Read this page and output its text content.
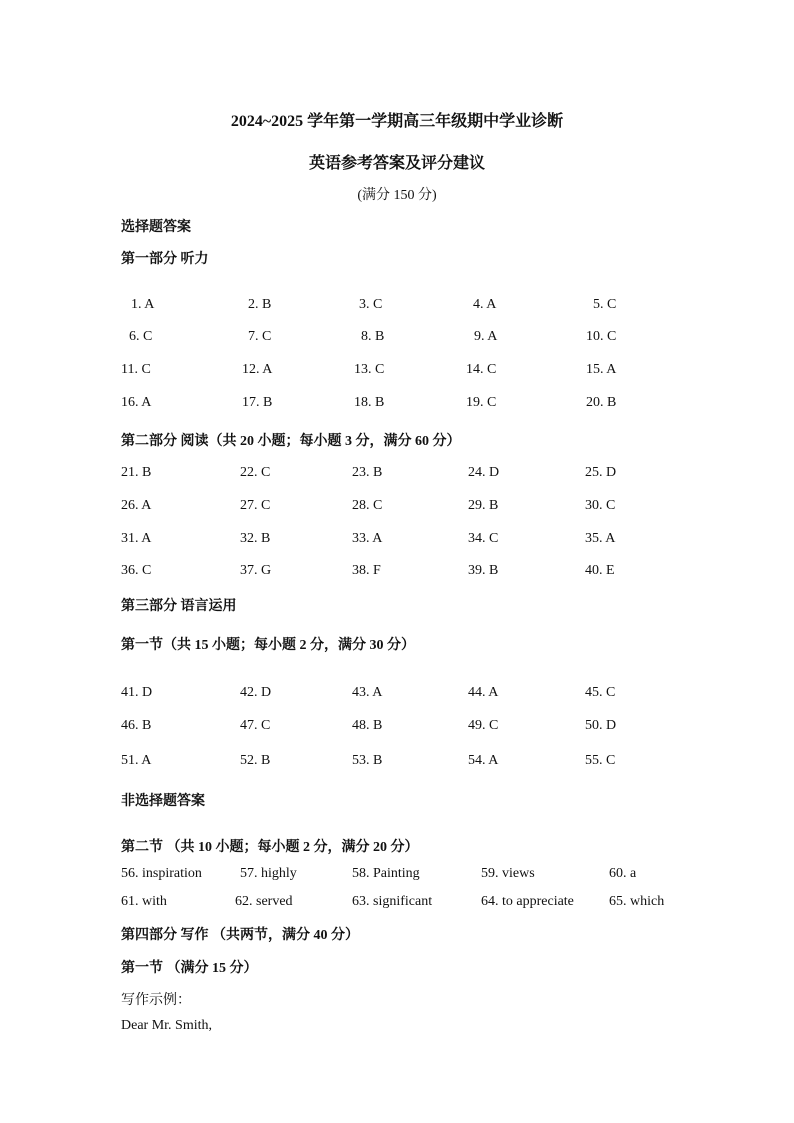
2024~2025 学年第一学期高三年级期中学业诊断
英语参考答案及评分建议
(满分 150 分)
选择题答案
第一部分 听力
1. A	2. B	3. C	4. A	5. C
6. C	7. C	8. B	9. A	10. C
11. C	12. A	13. C	14. C	15. A
16. A	17. B	18. B	19. C	20. B
第二部分 阅读（共 20 小题；每小题 3 分，满分 60 分）
21. B	22. C	23. B	24. D	25. D
26. A	27. C	28. C	29. B	30. C
31. A	32. B	33. A	34. C	35. A
36. C	37. G	38. F	39. B	40. E
第三部分 语言运用
第一节（共 15 小题；每小题 2 分，满分 30 分）
41. D	42. D	43. A	44. A	45. C
46. B	47. C	48. B	49. C	50. D
51. A	52. B	53. B	54. A	55. C
非选择题答案
第二节 （共 10 小题；每小题 2 分，满分 20 分）
56. inspiration	57. highly	58. Painting	59. views	60. a
61. with	62. served	63. significant	64. to appreciate	65. which
第四部分 写作 （共两节，满分 40 分）
第一节 （满分 15 分）
写作示例：
Dear Mr. Smith,
